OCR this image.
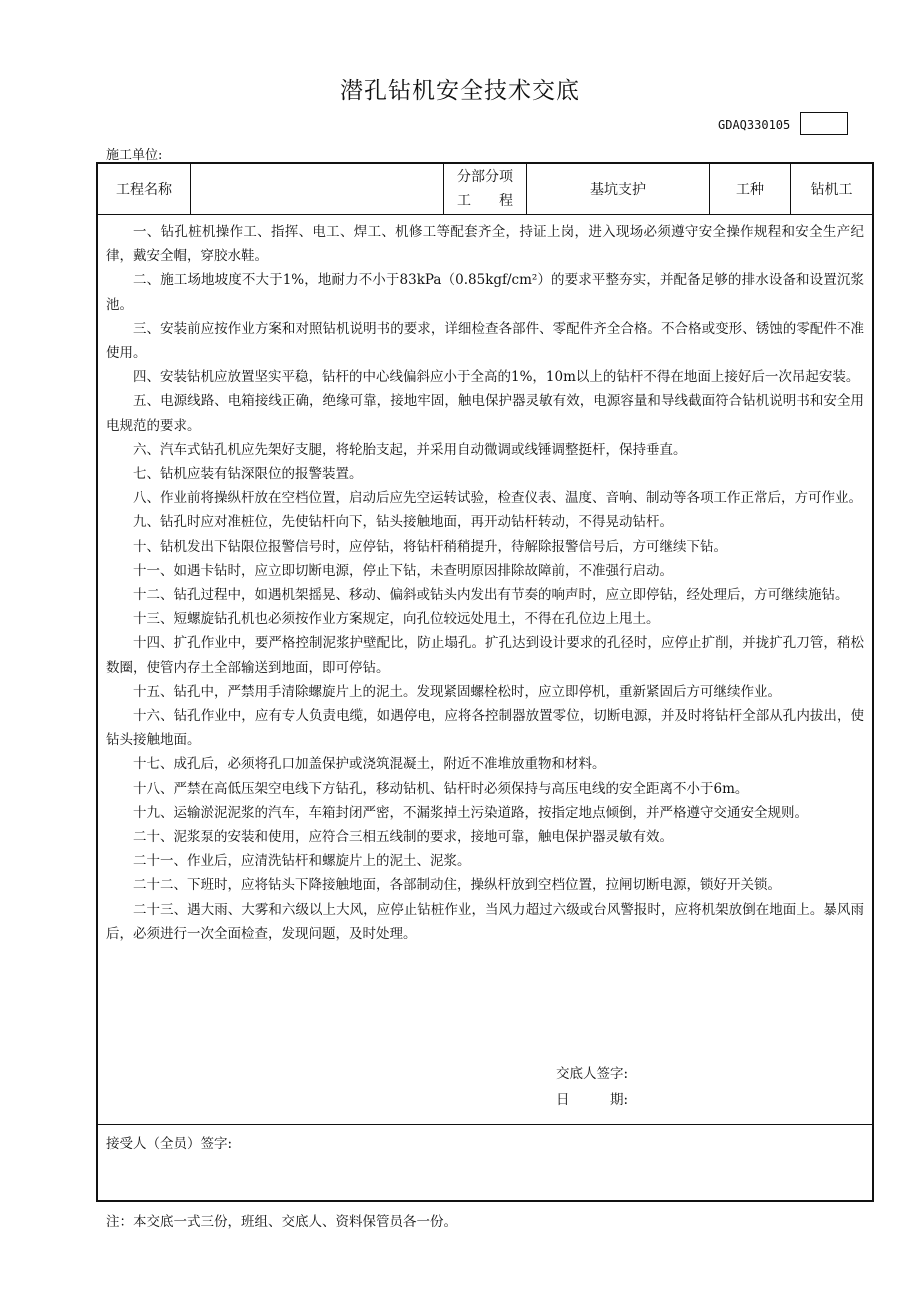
潜孔钻机安全技术交底
GDAQ330105
施工单位:
工程名称
分部分项
工　　程
基坑支护	工种	钻机工

一、钻孔桩机操作工、指挥、电工、焊工、机修工等配套齐全，持证上岗，进入现场必须遵守安全操作规程和安全生产纪律，戴安全帽，穿胶水鞋。

二、施工场地坡度不大于1%，地耐力不小于83kPa（0.85kgf/cm²）的要求平整夯实，并配备足够的排水设备和设置沉浆池。

三、安装前应按作业方案和对照钻机说明书的要求，详细检查各部件、零配件齐全合格。不合格或变形、锈蚀的零配件不准使用。

四、安装钻机应放置坚实平稳，钻杆的中心线偏斜应小于全高的1%，10m以上的钻杆不得在地面上接好后一次吊起安装。

五、电源线路、电箱接线正确，绝缘可靠，接地牢固，触电保护器灵敏有效，电源容量和导线截面符合钻机说明书和安全用电规范的要求。

六、汽车式钻孔机应先架好支腿，将轮胎支起，并采用自动微调或线锤调整挺杆，保持垂直。

七、钻机应装有钻深限位的报警装置。

八、作业前将操纵杆放在空档位置，启动后应先空运转试验，检查仪表、温度、音响、制动等各项工作正常后，方可作业。

九、钻孔时应对准桩位，先使钻杆向下，钻头接触地面，再开动钻杆转动，不得晃动钻杆。

十、钻机发出下钻限位报警信号时，应停钻，将钻杆稍稍提升，待解除报警信号后，方可继续下钻。

十一、如遇卡钻时，应立即切断电源，停止下钻，未查明原因排除故障前，不准强行启动。

十二、钻孔过程中，如遇机架摇晃、移动、偏斜或钻头内发出有节奏的响声时，应立即停钻，经处理后，方可继续施钻。

十三、短螺旋钻孔机也必须按作业方案规定，向孔位较远处甩土，不得在孔位边上甩土。

十四、扩孔作业中，要严格控制泥浆护壁配比，防止塌孔。扩孔达到设计要求的孔径时，应停止扩削，并拢扩孔刀管，稍松数圈，使管内存土全部输送到地面，即可停钻。

十五、钻孔中，严禁用手清除螺旋片上的泥土。发现紧固螺栓松时，应立即停机，重新紧固后方可继续作业。

十六、钻孔作业中，应有专人负责电缆，如遇停电，应将各控制器放置零位，切断电源，并及时将钻杆全部从孔内拔出，使钻头接触地面。

十七、成孔后，必须将孔口加盖保护或浇筑混凝土，附近不准堆放重物和材料。

十八、严禁在高低压架空电线下方钻孔，移动钻机、钻杆时必须保持与高压电线的安全距离不小于6m。

十九、运输淤泥泥浆的汽车，车箱封闭严密，不漏浆掉土污染道路，按指定地点倾倒，并严格遵守交通安全规则。

二十、泥浆泵的安装和使用，应符合三相五线制的要求，接地可靠，触电保护器灵敏有效。

二十一、作业后，应清洗钻杆和螺旋片上的泥土、泥浆。

二十二、下班时，应将钻头下降接触地面，各部制动住，操纵杆放到空档位置，拉闸切断电源，锁好开关锁。

二十三、遇大雨、大雾和六级以上大风，应停止钻桩作业，当风力超过六级或台风警报时，应将机架放倒在地面上。暴风雨后，必须进行一次全面检查，发现问题，及时处理。

交底人签字:
日　　　期:
接受人（全员）签字:
注：本交底一式三份，班组、交底人、资料保管员各一份。
